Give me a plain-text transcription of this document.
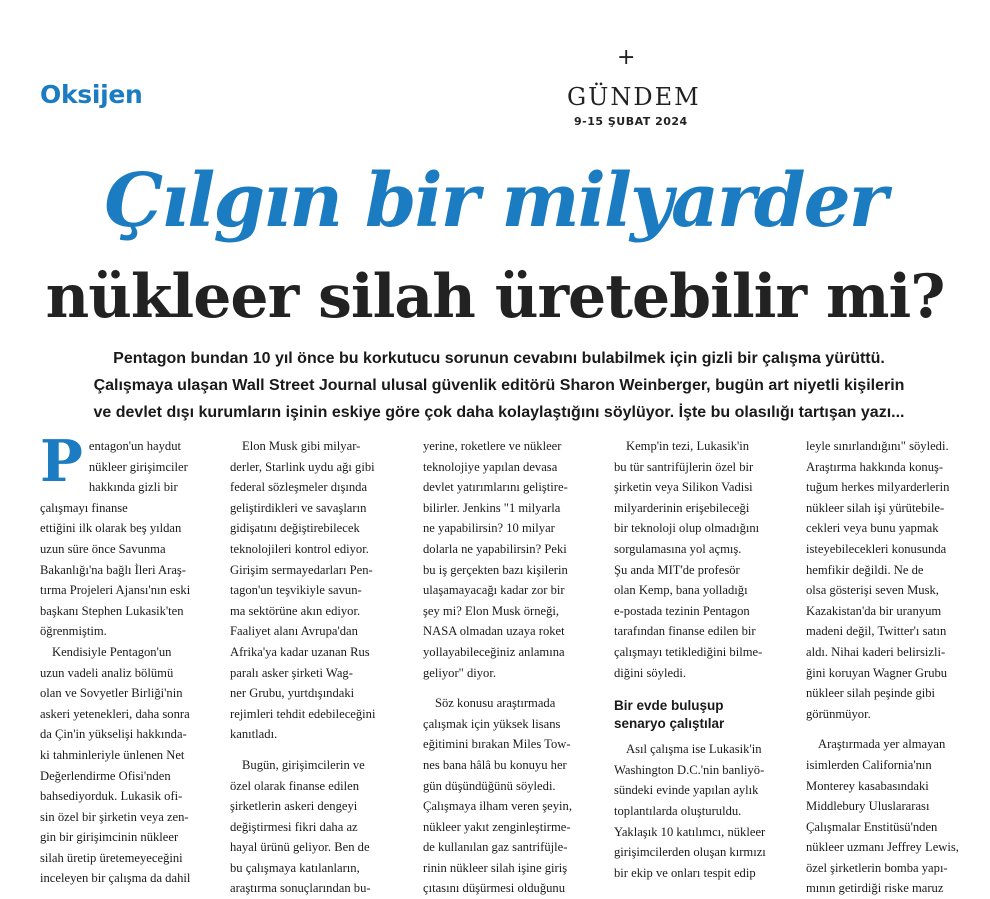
Oksijen
+
GÜNDEM
9-15 ŞUBAT 2024
Çılgın bir milyarder
nükleer silah üretebilir mi?

Pentagon bundan 10 yıl önce bu korkutucu sorunun cevabını bulabilmek için gizli bir çalışma yürüttü.

Çalışmaya ulaşan Wall Street Journal ulusal güvenlik editörü Sharon Weinberger, bugün art niyetli kişilerin

ve devlet dışı kurumların işinin eskiye göre çok daha kolaylaştığını söylüyor. İşte bu olasılığı tartışan yazı...

P entagon'un haydut
nükleer girişimciler
hakkında gizli bir
çalışmayı finanse
ettiğini ilk olarak beş yıldan
uzun süre önce Savunma
Bakanlığı'na bağlı İleri Araş-
tırma Projeleri Ajansı'nın eski
başkanı Stephen Lukasik'ten
öğrenmiştim.
Kendisiyle Pentagon'un
uzun vadeli analiz bölümü
olan ve Sovyetler Birliği'nin
askeri yetenekleri, daha sonra
da Çin'in yükselişi hakkında-
ki tahminleriyle ünlenen Net
Değerlendirme Ofisi'nden
bahsediyorduk. Lukasik ofi-
sin özel bir şirketin veya zen-
gin bir girişimcinin nükleer
silah üretip üretemeyeceğini
inceleyen bir çalışma da dahil
Elon Musk gibi milyar-
derler, Starlink uydu ağı gibi
federal sözleşmeler dışında
geliştirdikleri ve savaşların
gidişatını değiştirebilecek
teknolojileri kontrol ediyor.
Girişim sermayedarları Pen-
tagon'un teşvikiyle savun-
ma sektörüne akın ediyor.
Faaliyet alanı Avrupa'dan
Afrika'ya kadar uzanan Rus
paralı asker şirketi Wag-
ner Grubu, yurtdışındaki
rejimleri tehdit edebileceğini
kanıtladı.
Bugün, girişimcilerin ve
özel olarak finanse edilen
şirketlerin askeri dengeyi
değiştirmesi fikri daha az
hayal ürünü geliyor. Ben de
bu çalışmaya katılanların,
araştırma sonuçlarından bu-
yerine, roketlere ve nükleer
teknolojiye yapılan devasa
devlet yatırımlarını geliştire-
bilirler. Jenkins "1 milyarla
ne yapabilirsin? 10 milyar
dolarla ne yapabilirsin? Peki
bu iş gerçekten bazı kişilerin
ulaşamayacağı kadar zor bir
şey mi? Elon Musk örneği,
NASA olmadan uzaya roket
yollayabileceğiniz anlamına
geliyor" diyor.
Söz konusu araştırmada
çalışmak için yüksek lisans
eğitimini bırakan Miles Tow-
nes bana hâlâ bu konuyu her
gün düşündüğünü söyledi.
Çalışmaya ilham veren şeyin,
nükleer yakıt zenginleştirme-
de kullanılan gaz santrifüjle-
rinin nükleer silah işine giriş
çıtasını düşürmesi olduğunu
Kemp'in tezi, Lukasik'in
bu tür santrifüjlerin özel bir
şirketin veya Silikon Vadisi
milyarderinin erişebileceği
bir teknoloji olup olmadığını
sorgulamasına yol açmış.
Şu anda MIT'de profesör
olan Kemp, bana yolladığı
e-postada tezinin Pentagon
tarafından finanse edilen bir
çalışmayı tetiklediğini bilme-
diğini söyledi.
Bir evde buluşup
senaryo çalıştılar
Asıl çalışma ise Lukasik'in
Washington D.C.'nin banliyö-
sündeki evinde yapılan aylık
toplantılarda oluşturuldu.
Yaklaşık 10 katılımcı, nükleer
girişimcilerden oluşan kırmızı
bir ekip ve onları tespit edip
leyle sınırlandığını" söyledi.
Araştırma hakkında konuş-
tuğum herkes milyarderlerin
nükleer silah işi yürütebile-
cekleri veya bunu yapmak
isteyebilecekleri konusunda
hemfikir değildi. Ne de
olsa gösterişi seven Musk,
Kazakistan'da bir uranyum
madeni değil, Twitter'ı satın
aldı. Nihai kaderi belirsizli-
ğini koruyan Wagner Grubu
nükleer silah peşinde gibi
görünmüyor.
Araştırmada yer almayan
isimlerden California'nın
Monterey kasabasındaki
Middlebury Uluslararası
Çalışmalar Enstitüsü'nden
nükleer uzmanı Jeffrey Lewis,
özel şirketlerin bomba yapı-
mının getirdiği riske maruz
